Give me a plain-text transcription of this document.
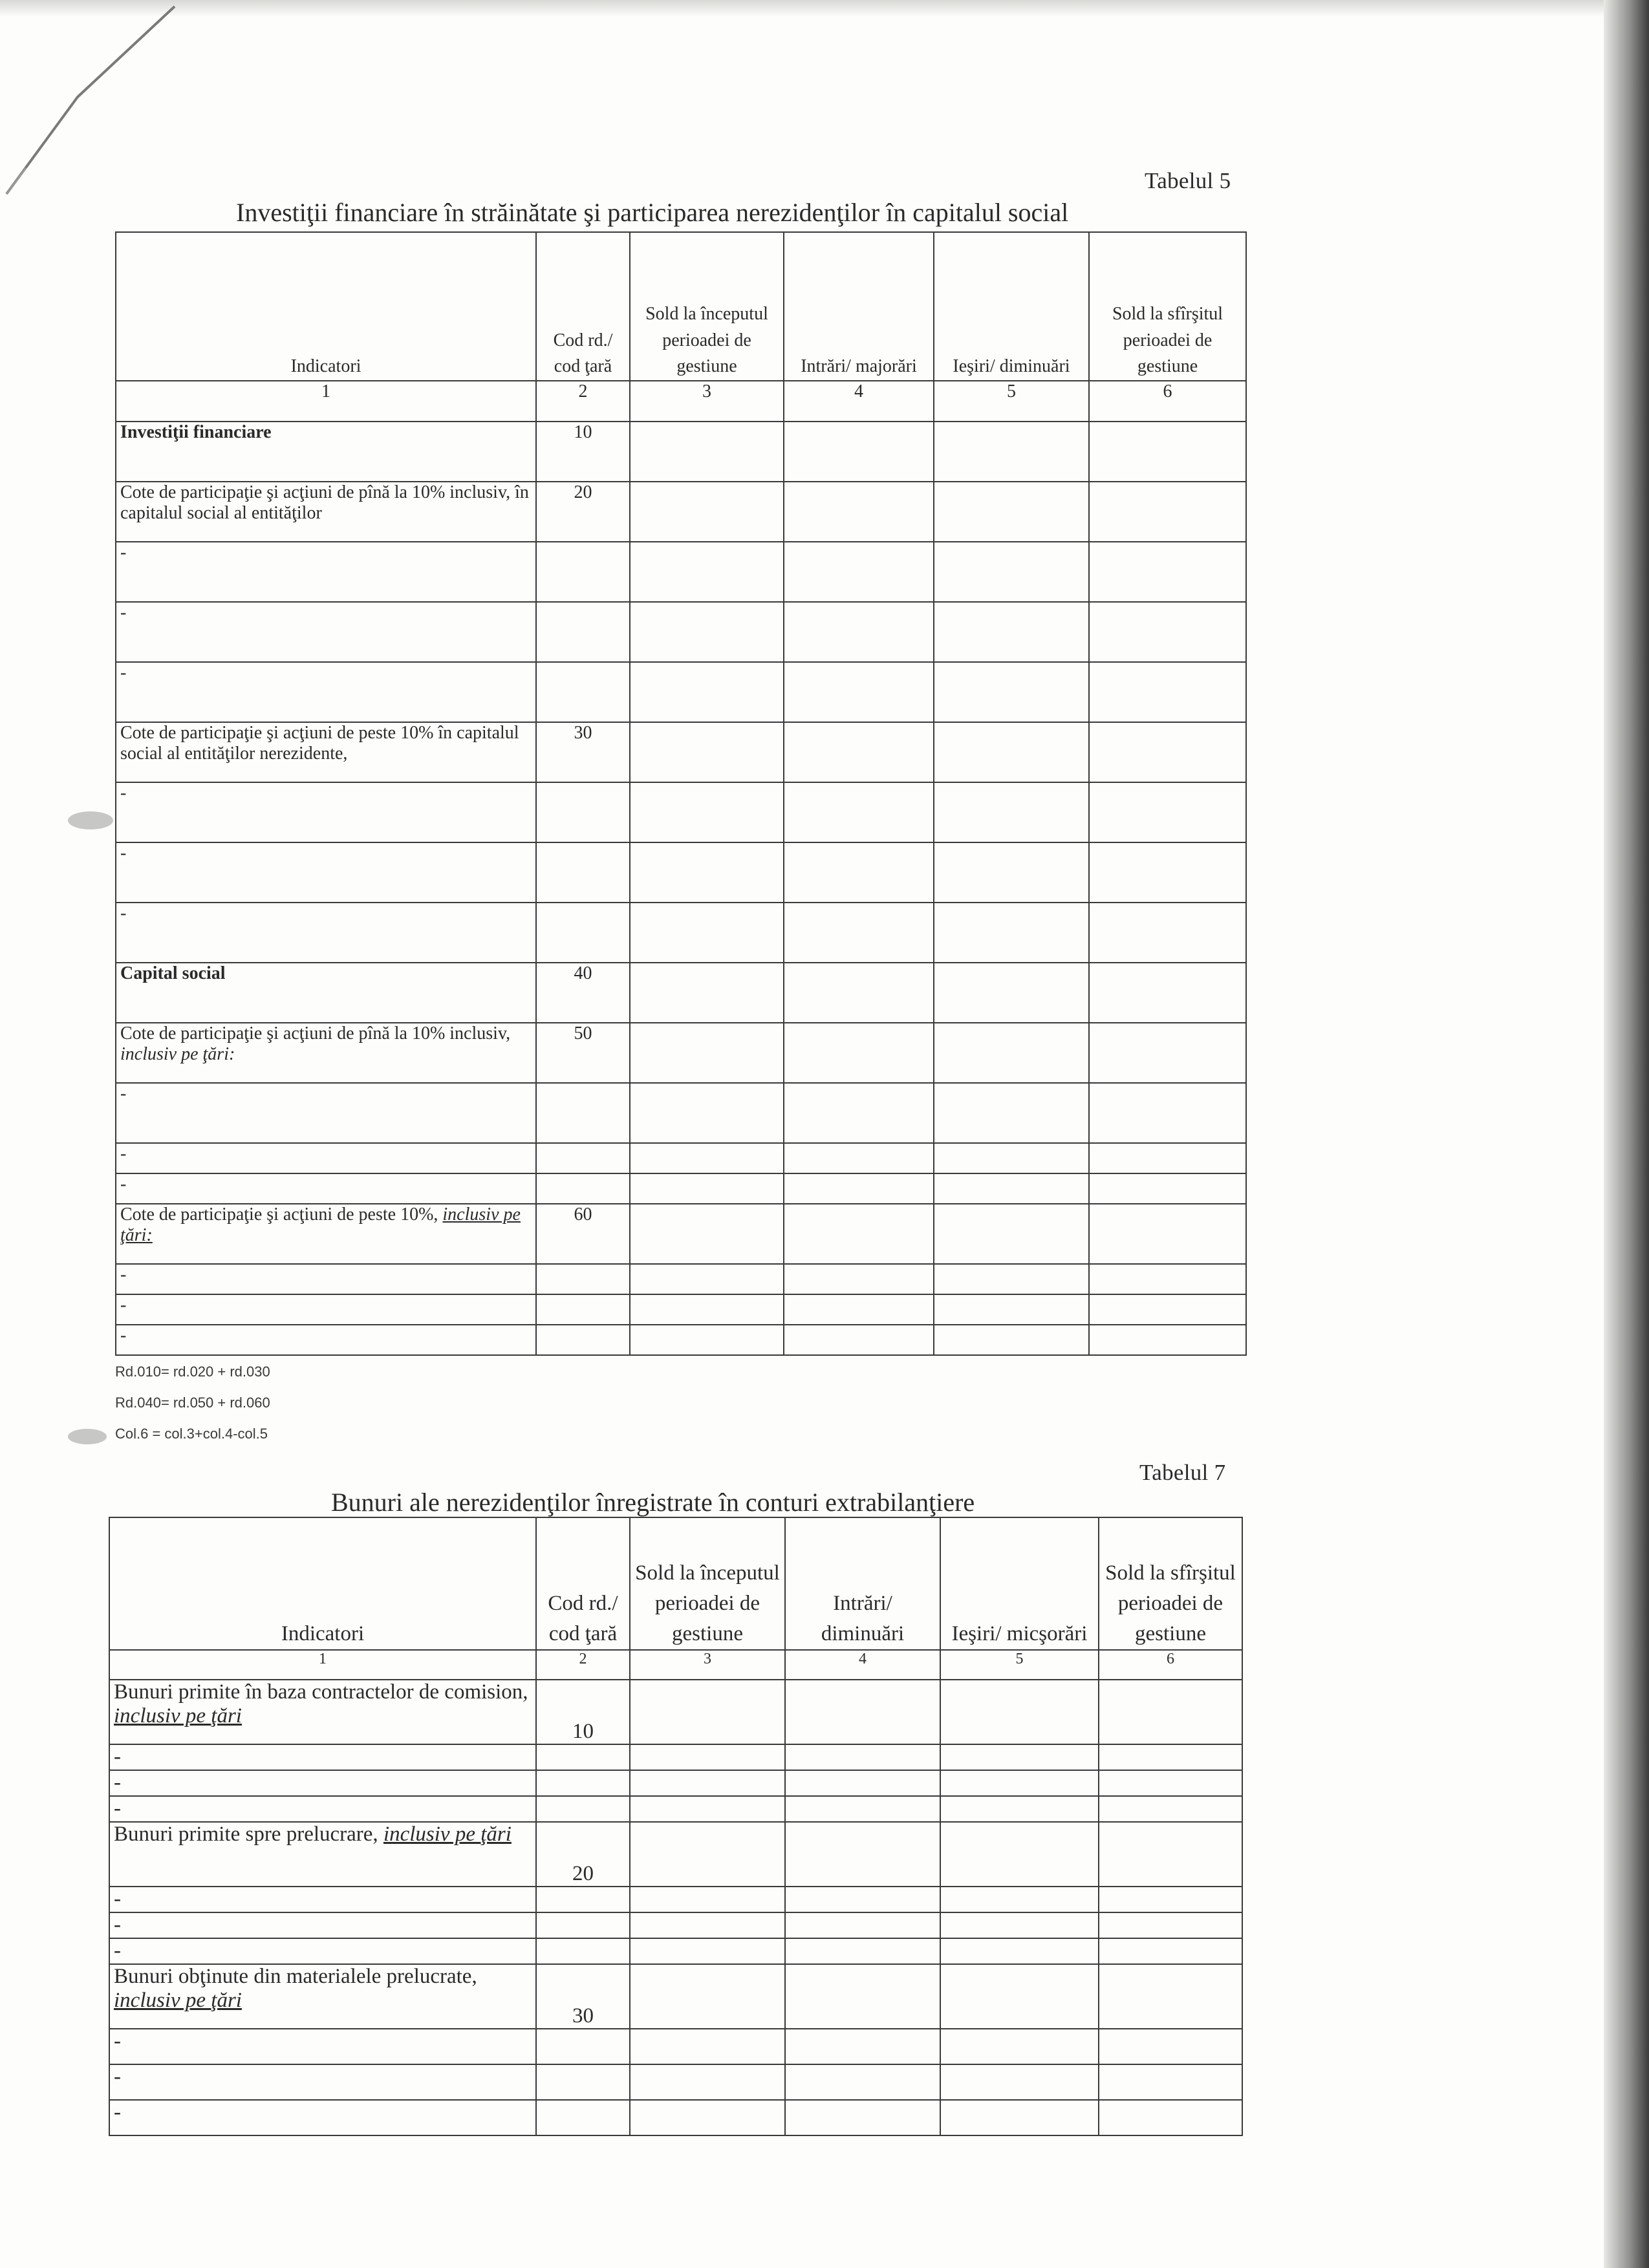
Tabelul 5
Investiţii financiare în străinătate şi participarea nerezidenţilor în capitalul social
Indicatori	Cod rd./ cod ţară	Sold la începutul perioadei de gestiune	Intrări/ majorări	Ieşiri/ diminuări	Sold la sfîrşitul perioadei de gestiune
1	2	3	4	5	6
Investiţii financiare	10				
Cote de participaţie şi acţiuni de pînă la 10% inclusiv, în capitalul social al entităţilor	20				
-					
-					
-					
Cote de participaţie şi acţiuni de peste 10% în capitalul social al entităţilor nerezidente,	30				
-					
-					
-					
Capital social	40				
Cote de participaţie şi acţiuni de pînă la 10% inclusiv, inclusiv pe ţări:	50				
-					
-					
-					
Cote de participaţie şi acţiuni de peste 10%, inclusiv pe ţări:	60				
-					
-					
-					
Rd.010= rd.020 + rd.030
Rd.040= rd.050 + rd.060
Col.6 = col.3+col.4-col.5
Tabelul 7
Bunuri ale nerezidenţilor înregistrate în conturi extrabilanţiere
Indicatori	Cod rd./ cod ţară	Sold la începutul perioadei de gestiune	Intrări/ diminuări	Ieşiri/ micşorări	Sold la sfîrşitul perioadei de gestiune
1	2	3	4	5	6
Bunuri primite în baza contractelor de comision, inclusiv pe ţări	10				
-					
-					
-					
Bunuri primite spre prelucrare, inclusiv pe ţări	20				
-					
-					
-					
Bunuri obţinute din materialele prelucrate, inclusiv pe ţări	30				
-					
-					
-					
